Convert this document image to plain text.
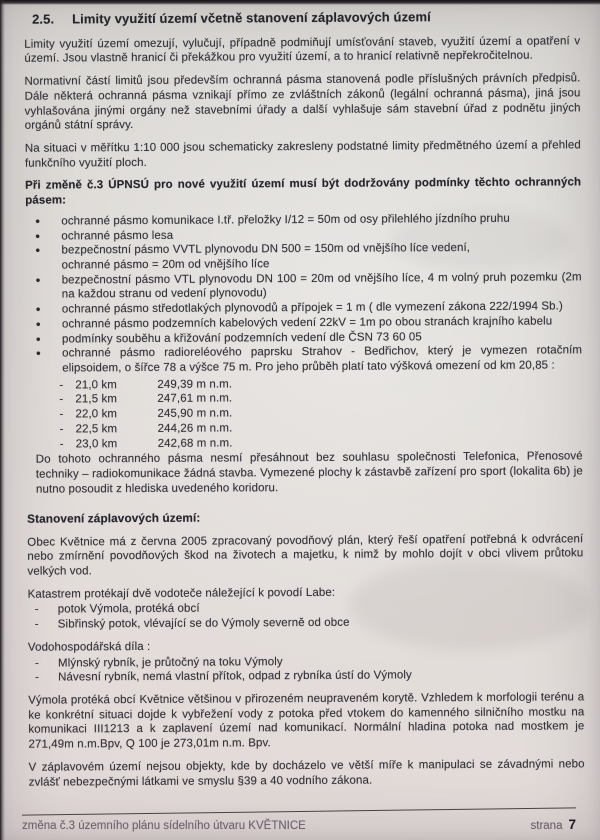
2.5.	Limity využití území včetně stanovení záplavových území

Limity využití území omezují, vylučují, případně podmiňují umísťování staveb, využití území a opatření v území. Jsou vlastně hranicí či překážkou pro využití území, a to hranicí relativně nepřekročitelnou.

Normativní částí limitů jsou především ochranná pásma stanovená podle příslušných právních předpisů. Dále některá ochranná pásma vznikají přímo ze zvláštních zákonů (legální ochranná pásma), jiná jsou vyhlašována jinými orgány než stavebními úřady a další vyhlašuje sám stavební úřad z podnětu jiných orgánů státní správy.

Na situaci v měřítku 1:10 000 jsou schematicky zakresleny podstatné limity předmětného území a přehled funkčního využití ploch.

Při změně č.3 ÚPNSÚ pro nové využití území musí být dodržovány podmínky těchto ochranných pásem:

• ochranné pásmo komunikace I.tř. přeložky I/12 = 50m od osy přilehlého jízdního pruhu
• ochranné pásmo lesa
• bezpečnostní pásmo VVTL plynovodu DN 500 = 150m od vnějšího líce vedení,
ochranné pásmo = 20m od vnějšího líce
• bezpečnostní pásmo VTL plynovodu DN 100 = 20m od vnějšího líce, 4 m volný pruh pozemku (2m na každou stranu od vedení plynovodu)
• ochranné pásmo středotlakých plynovodů a přípojek = 1 m ( dle vymezení zákona 222/1994 Sb.)
• ochranné pásmo podzemních kabelových vedení 22kV = 1m po obou stranách krajního kabelu
• podmínky souběhu a křižování podzemních vedení dle ČSN 73 60 05
• ochranné pásmo radioreléového paprsku Strahov - Bedřichov, který je vymezen rotačním elipsoidem, o šířce 78 a výšce 75 m. Pro jeho průběh platí tato výšková omezení od km 20,85 :
-	21,0 km	249,39 m n.m.
-	21,5 km	247,61 m n.m.
-	22,0 km	245,90 m n.m.
-	22,5 km	244,26 m n.m.
-	23,0 km	242,68 m n.m.

Do tohoto ochranného pásma nesmí přesáhnout bez souhlasu společnosti Telefonica, Přenosové techniky – radiokomunikace žádná stavba. Vymezené plochy k zástavbě zařízení pro sport (lokalita 6b) je nutno posoudit z hlediska uvedeného koridoru.

Stanovení záplavových území:

Obec Květnice má z června 2005 zpracovaný povodňový plán, který řeší opatření potřebná k odvrácení nebo zmírnění povodňových škod na životech a majetku, k nimž by mohlo dojít v obci vlivem průtoku velkých vod.

Katastrem protékají dvě vodoteče náležející k povodí Labe:

- potok Výmola, protéká obcí
- Sibřinský potok, vlévající se do Výmoly severně od obce

Vodohospodářská díla :

- Mlýnský rybník, je průtočný na toku Výmoly
- Návesní rybník, nemá vlastní přítok, odpad z rybníka ústí do Výmoly

Výmola protéká obcí Květnice většinou v přirozeném neupraveném korytě. Vzhledem k morfologii terénu a ke konkrétní situaci dojde k vybřežení vody z potoka před vtokem do kamenného silničního mostku na komunikaci III1213 a k zaplavení území nad komunikací. Normální hladina potoka nad mostkem je 271,49m n.m.Bpv, Q 100 je 273,01m n.m. Bpv.

V záplavovém území nejsou objekty, kde by docházelo ve větší míře k manipulaci se závadnými nebo zvlášť nebezpečnými látkami ve smyslu §39 a 40 vodního zákona.

změna č.3 územního plánu sídelního útvaru KVĚTNICE	strana 7
